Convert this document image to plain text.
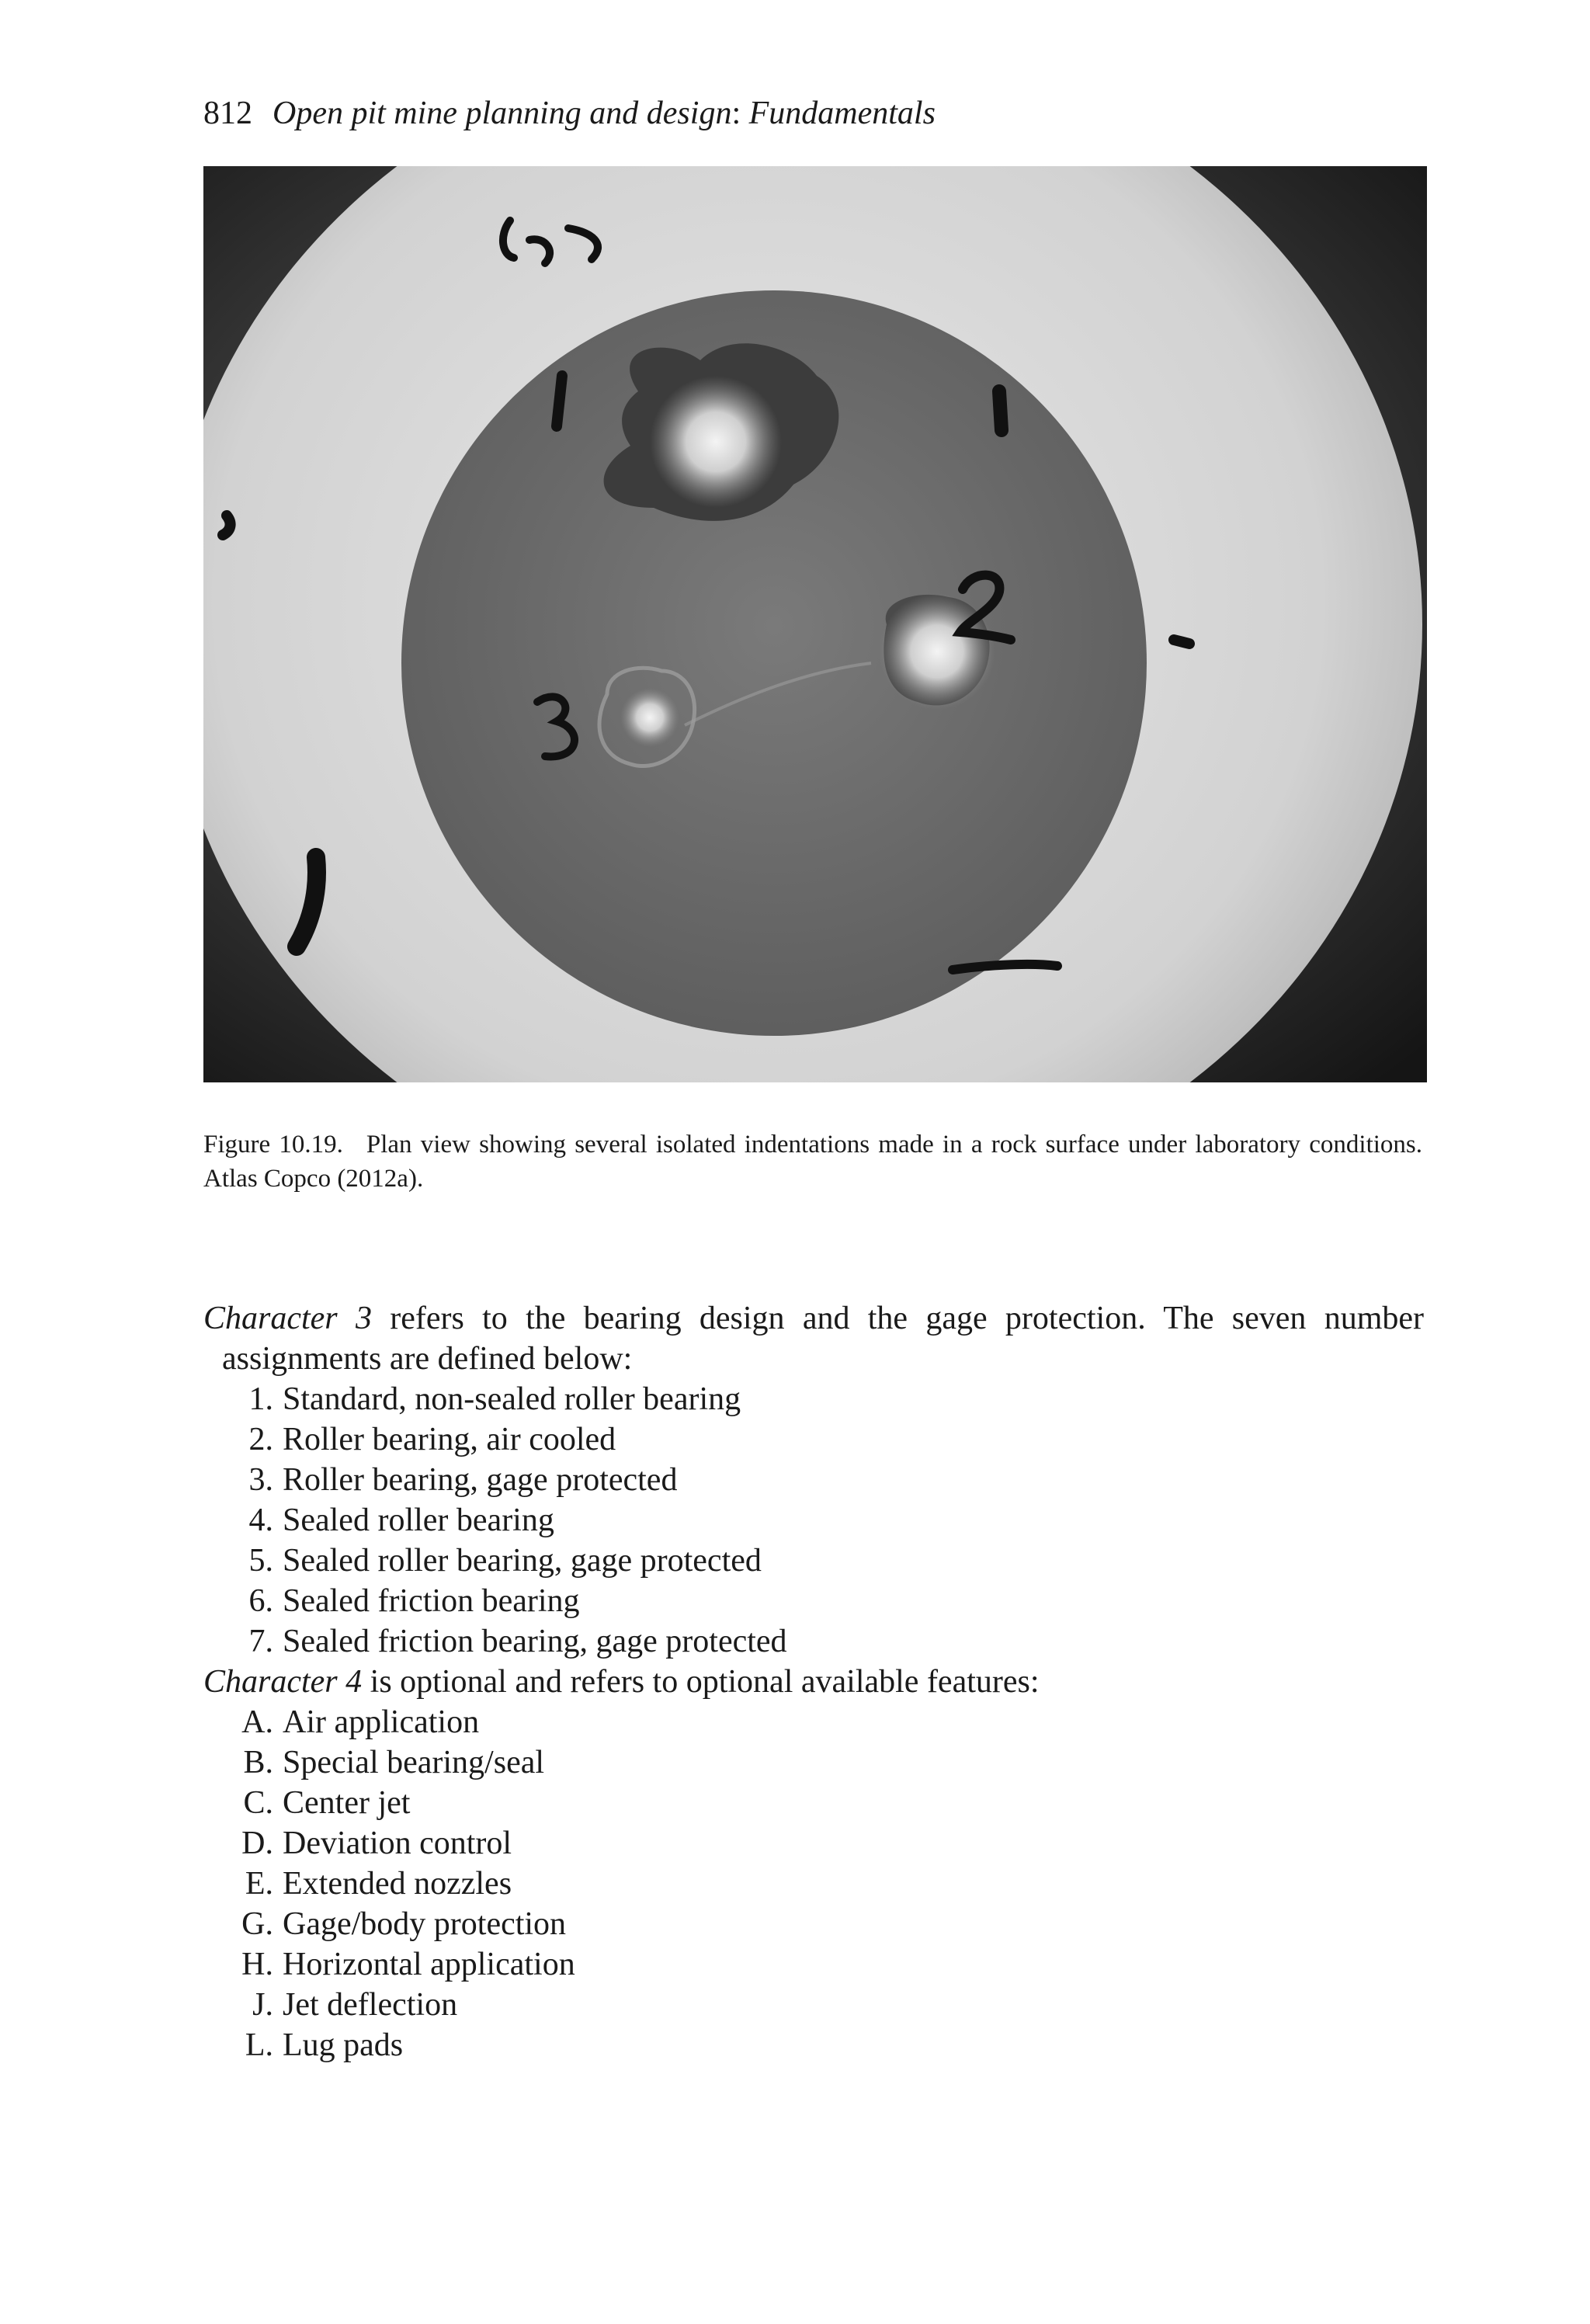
812 Open pit mine planning and design: Fundamentals
Figure 10.19. Plan view showing several isolated indentations made in a rock surface under laboratory conditions. Atlas Copco (2012a).
Character 3 refers to the bearing design and the gage protection. The seven number
assignments are defined below:
1. Standard, non-sealed roller bearing
2. Roller bearing, air cooled
3. Roller bearing, gage protected
4. Sealed roller bearing
5. Sealed roller bearing, gage protected
6. Sealed friction bearing
7. Sealed friction bearing, gage protected
Character 4 is optional and refers to optional available features:
A. Air application
B. Special bearing/seal
C. Center jet
D. Deviation control
E. Extended nozzles
G. Gage/body protection
H. Horizontal application
J. Jet deflection
L. Lug pads
